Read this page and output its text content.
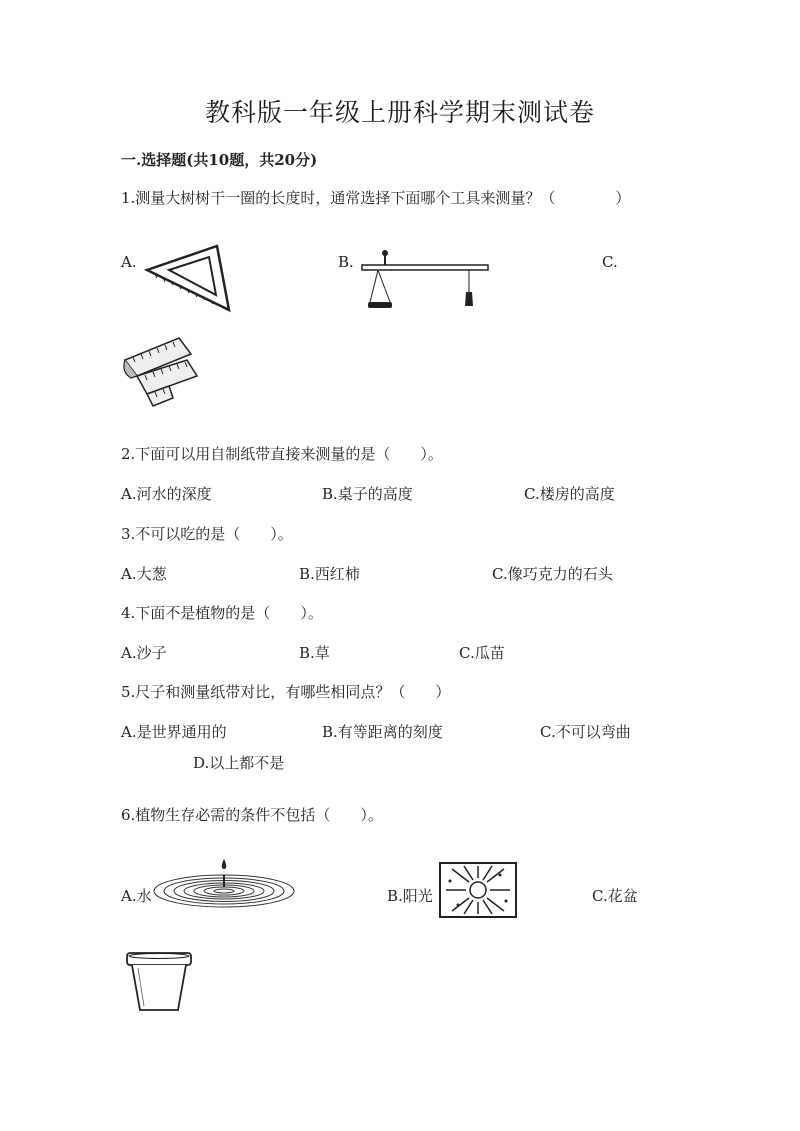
教科版一年级上册科学期末测试卷
一.选择题(共10题，共20分)
1.测量大树树干一圈的长度时，通常选择下面哪个工具来测量？（　　　　）
A.	B.	C.
2.下面可以用自制纸带直接来测量的是（　　）。
A.河水的深度	B.桌子的高度	C.楼房的高度
3.不可以吃的是（　　）。
A.大葱	B.西红柿	C.像巧克力的石头
4.下面不是植物的是（　　）。
A.沙子	B.草	C.瓜苗
5.尺子和测量纸带对比，有哪些相同点？（　　）
A.是世界通用的	B.有等距离的刻度	C.不可以弯曲
D.以上都不是
6.植物生存必需的条件不包括（　　）。
A.水	B.阳光	C.花盆
